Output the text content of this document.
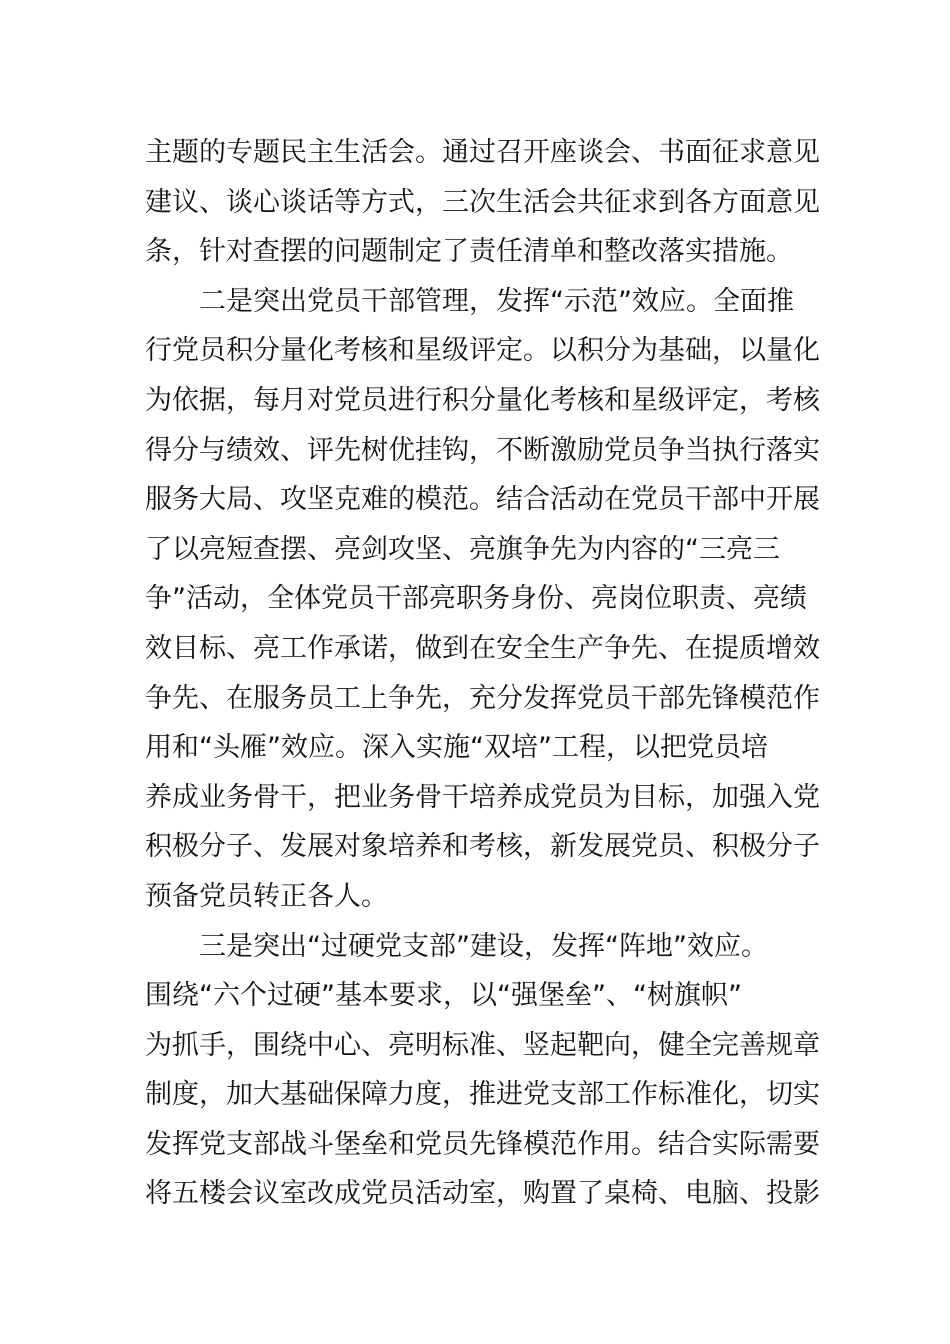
主题的专题民主生活会。通过召开座谈会、书面征求意见
建议、谈心谈话等方式，三次生活会共征求到各方面意见
条，针对查摆的问题制定了责任清单和整改落实措施。
二是突出党员干部管理，发挥“示范”效应。全面推
行党员积分量化考核和星级评定。以积分为基础，以量化
为依据，每月对党员进行积分量化考核和星级评定，考核
得分与绩效、评先树优挂钩，不断激励党员争当执行落实
服务大局、攻坚克难的模范。结合活动在党员干部中开展
了以亮短查摆、亮剑攻坚、亮旗争先为内容的“三亮三
争”活动，全体党员干部亮职务身份、亮岗位职责、亮绩
效目标、亮工作承诺，做到在安全生产争先、在提质增效
争先、在服务员工上争先，充分发挥党员干部先锋模范作
用和“头雁”效应。深入实施“双培”工程，以把党员培
养成业务骨干，把业务骨干培养成党员为目标，加强入党
积极分子、发展对象培养和考核，新发展党员、积极分子
预备党员转正各人。
三是突出“过硬党支部”建设，发挥“阵地”效应。
围绕“六个过硬”基本要求，以“强堡垒”、“树旗帜”
为抓手，围绕中心、亮明标准、竖起靶向，健全完善规章
制度，加大基础保障力度，推进党支部工作标准化，切实
发挥党支部战斗堡垒和党员先锋模范作用。结合实际需要
将五楼会议室改成党员活动室，购置了桌椅、电脑、投影
